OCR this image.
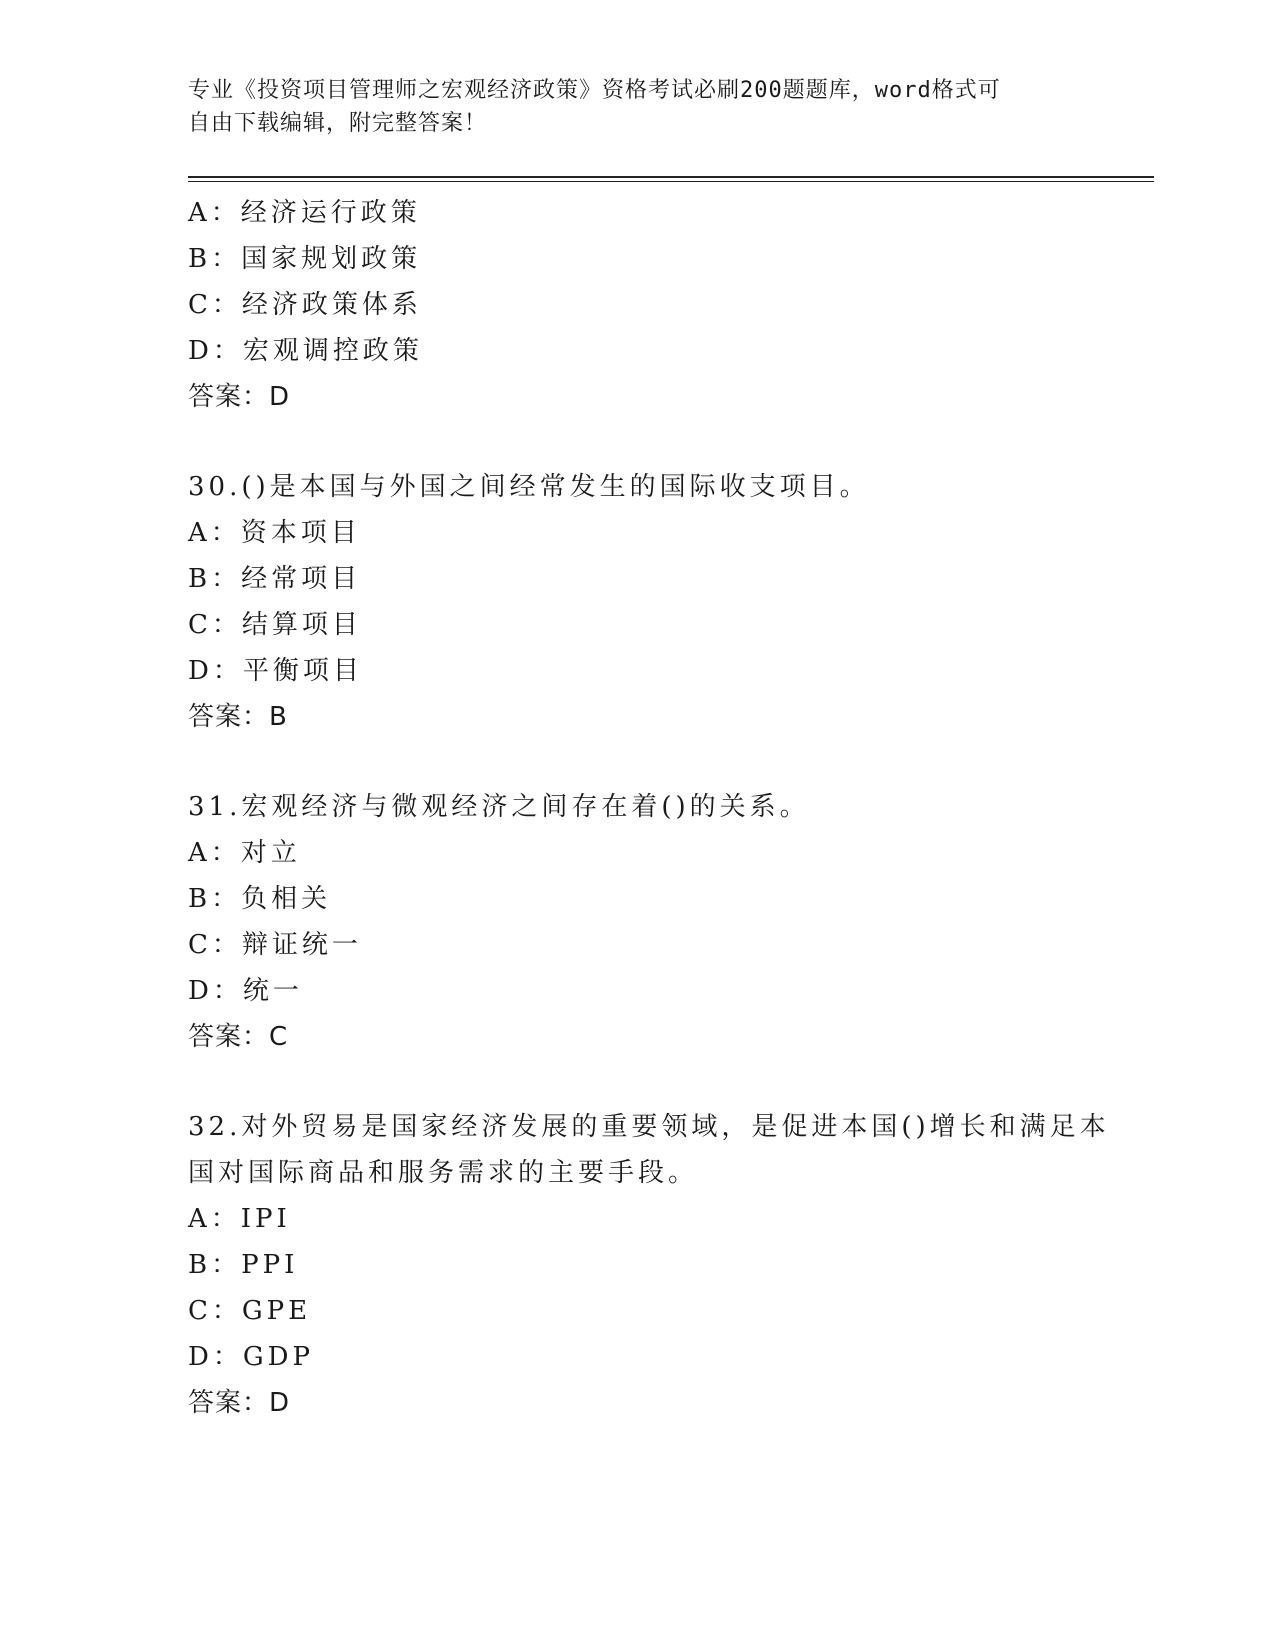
专业《投资项目管理师之宏观经济政策》资格考试必刷200题题库，word格式可
自由下载编辑，附完整答案！
A：经济运行政策
B：国家规划政策
C：经济政策体系
D：宏观调控政策
答案：D
30.()是本国与外国之间经常发生的国际收支项目。
A：资本项目
B：经常项目
C：结算项目
D：平衡项目
答案：B
31.宏观经济与微观经济之间存在着()的关系。
A：对立
B：负相关
C：辩证统一
D：统一
答案：C
32.对外贸易是国家经济发展的重要领域，是促进本国()增长和满足本
国对国际商品和服务需求的主要手段。
A：IPI
B：PPI
C：GPE
D：GDP
答案：D
